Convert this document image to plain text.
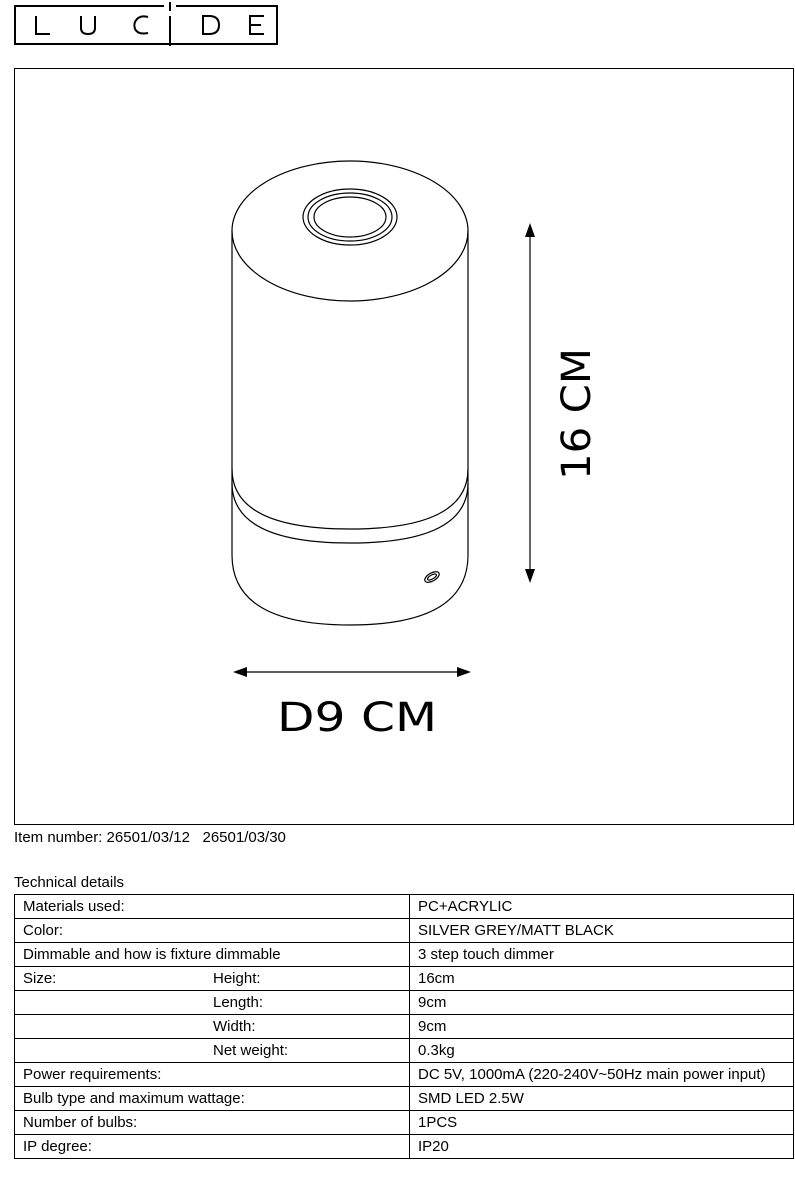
16 CM
D9 CM
Item number: 26501/03/12 26501/03/30
Technical details
Materials used:	PC+ACRYLIC
Color:	SILVER GREY/MATT BLACK
Dimmable and how is fixture dimmable	3 step touch dimmer

Size: Height:	16cm

Length:	9cm

Width:	9cm

Net weight:	0.3kg
Power requirements:	DC 5V, 1000mA (220-240V~50Hz main power input)
Bulb type and maximum wattage:	SMD LED 2.5W
Number of bulbs:	1PCS
IP degree:	IP20
